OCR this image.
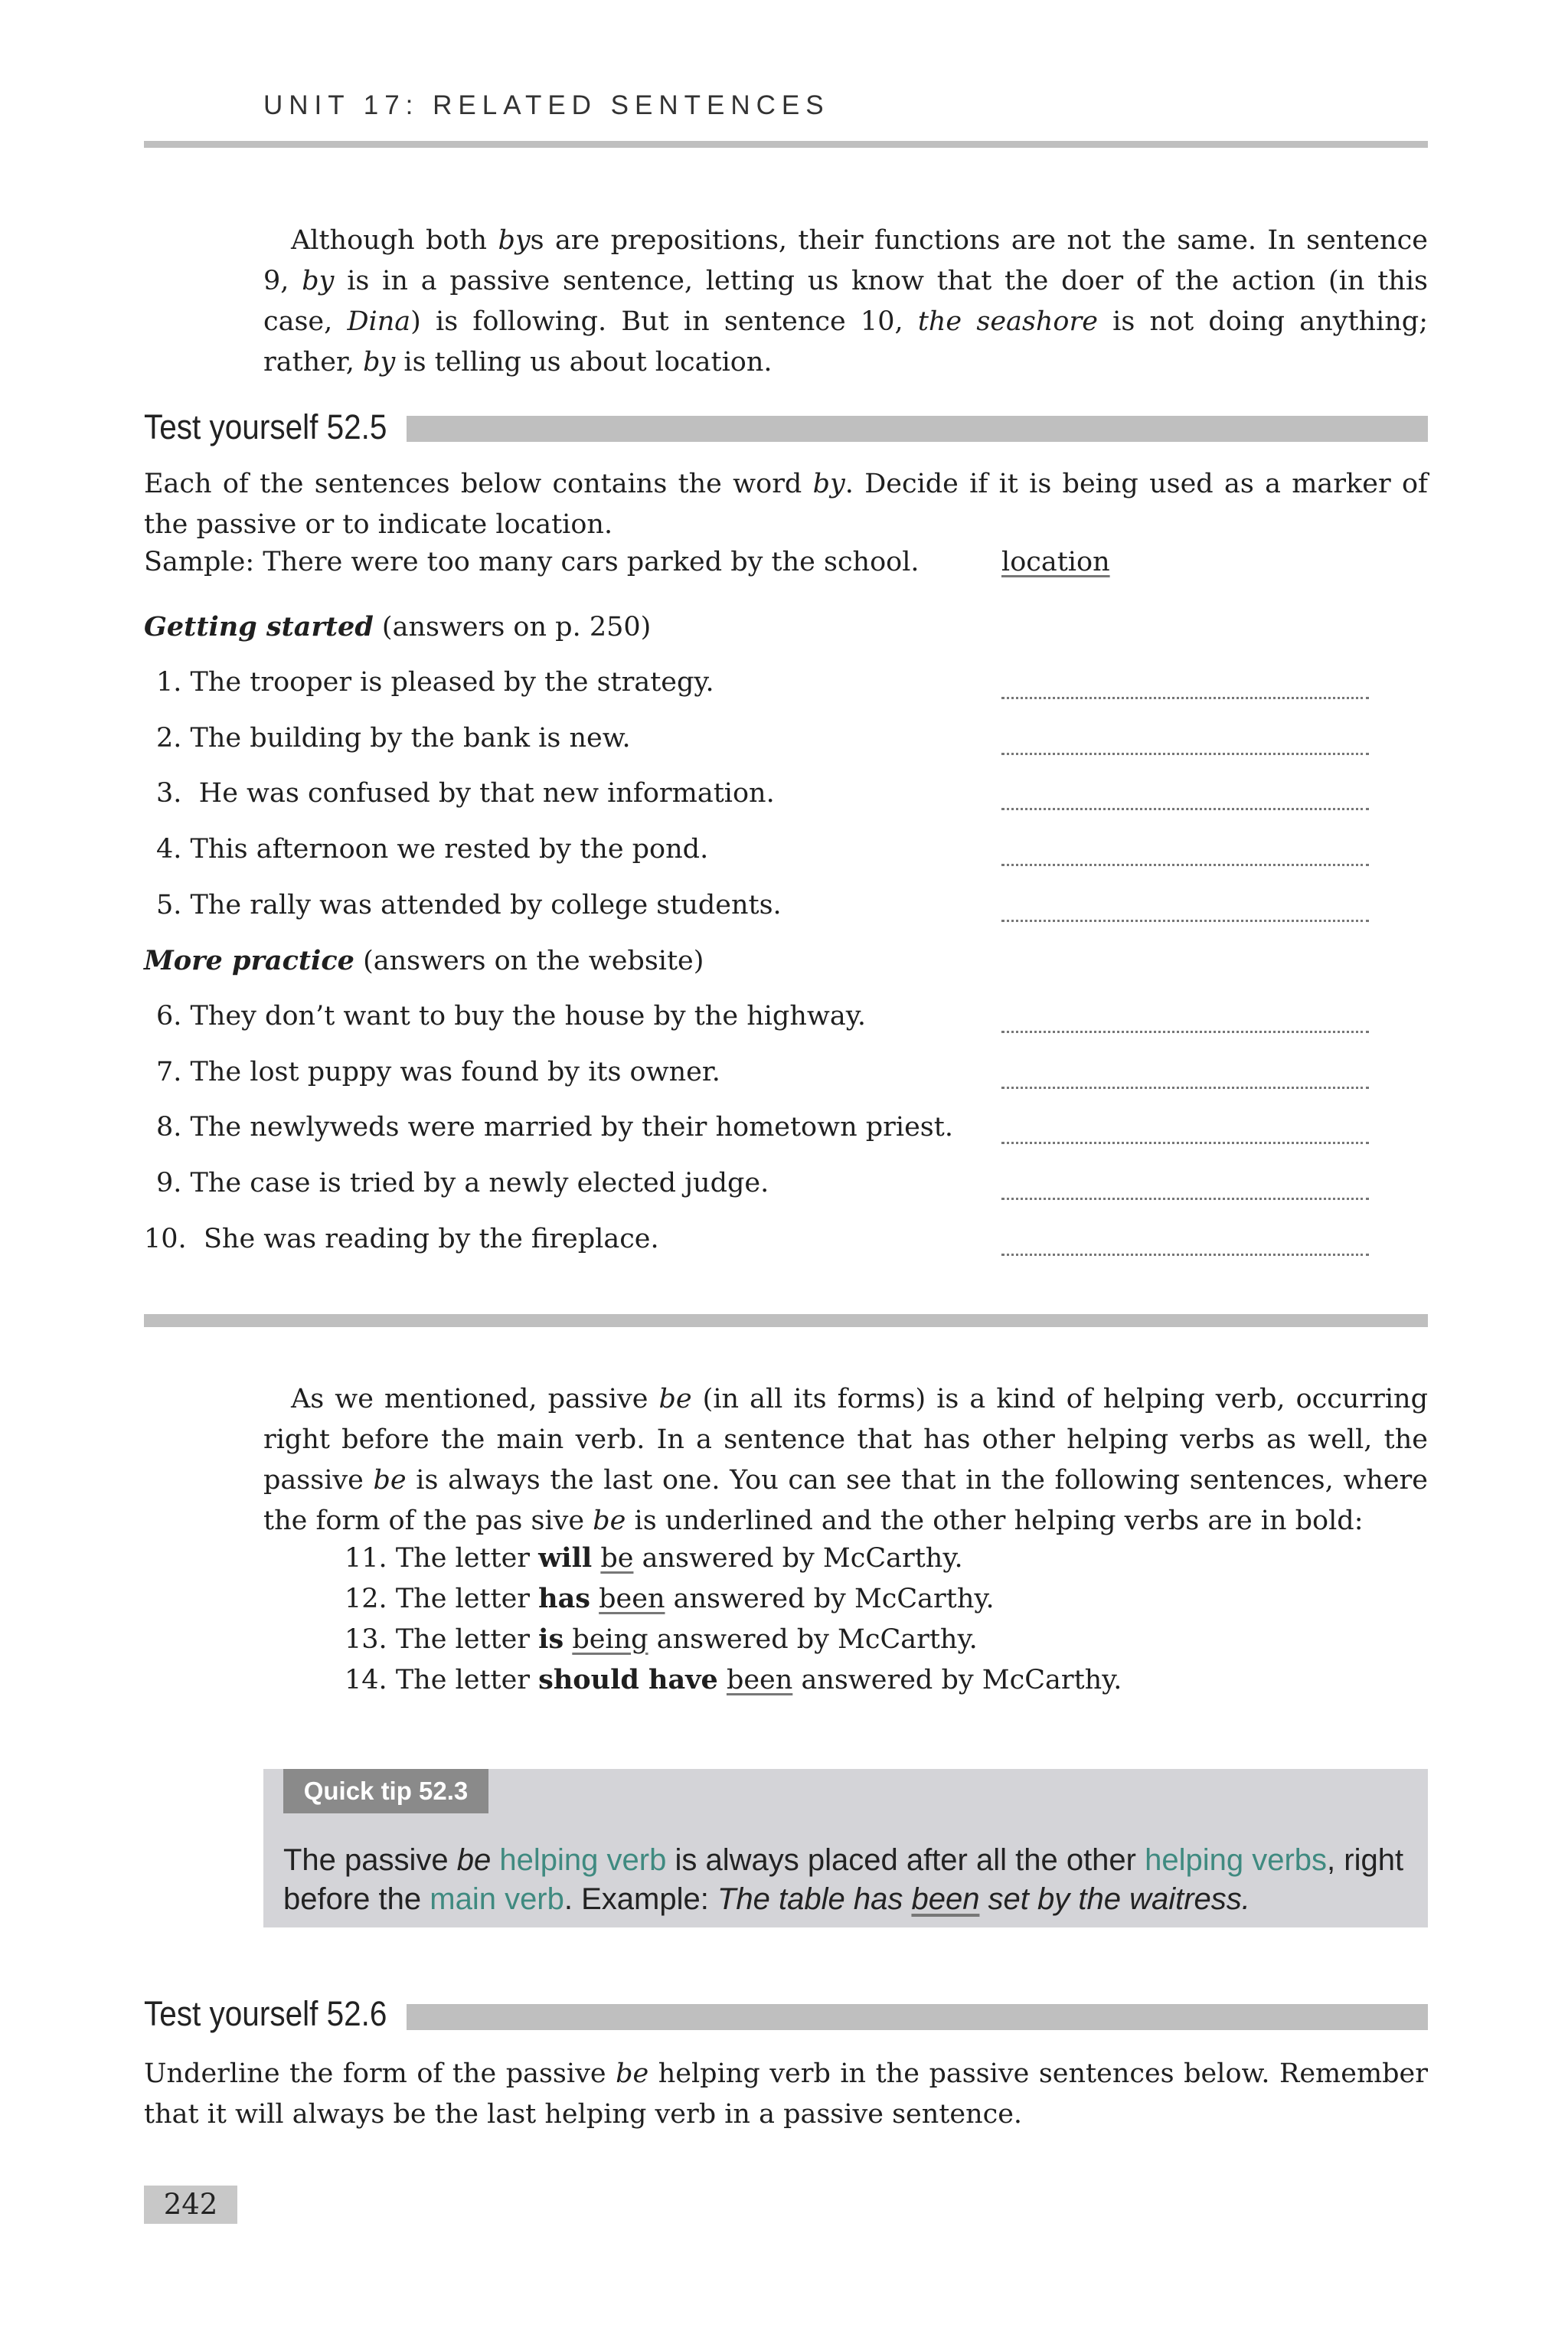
UNIT 17: RELATED SENTENCES
Although both bys are prepositions, their functions are not the same. In sentence 9, by is in a passive sentence, letting us know that the doer of the action (in this case, Dina) is following. But in sentence 10, the seashore is not doing anything; rather, by is telling us about location.
Test yourself 52.5
Each of the sentences below contains the word by. Decide if it is being used as a marker of the passive or to indicate location.
Sample: There were too many cars parked by the school.	location
Getting started (answers on p. 250)
1. The trooper is pleased by the strategy.
2. The building by the bank is new.
3. He was confused by that new information.
4. This afternoon we rested by the pond.
5. The rally was attended by college students.
More practice (answers on the website)
6. They don’t want to buy the house by the highway.
7. The lost puppy was found by its owner.
8. The newlyweds were married by their hometown priest.
9. The case is tried by a newly elected judge.
10. She was reading by the fireplace.
As we mentioned, passive be (in all its forms) is a kind of helping verb, occurring right before the main verb. In a sentence that has other helping verbs as well, the passive be is always the last one. You can see that in the following sentences, where the form of the pas sive be is underlined and the other helping verbs are in bold:
11. The letter will be answered by McCarthy.
12. The letter has been answered by McCarthy.
13. The letter is being answered by McCarthy.
14. The letter should have been answered by McCarthy.
Quick tip 52.3
The passive be helping verb is always placed after all the other helping verbs, right before the main verb. Example: The table has been set by the waitress.
Test yourself 52.6
Underline the form of the passive be helping verb in the passive sentences below. Remember that it will always be the last helping verb in a passive sentence.
242
